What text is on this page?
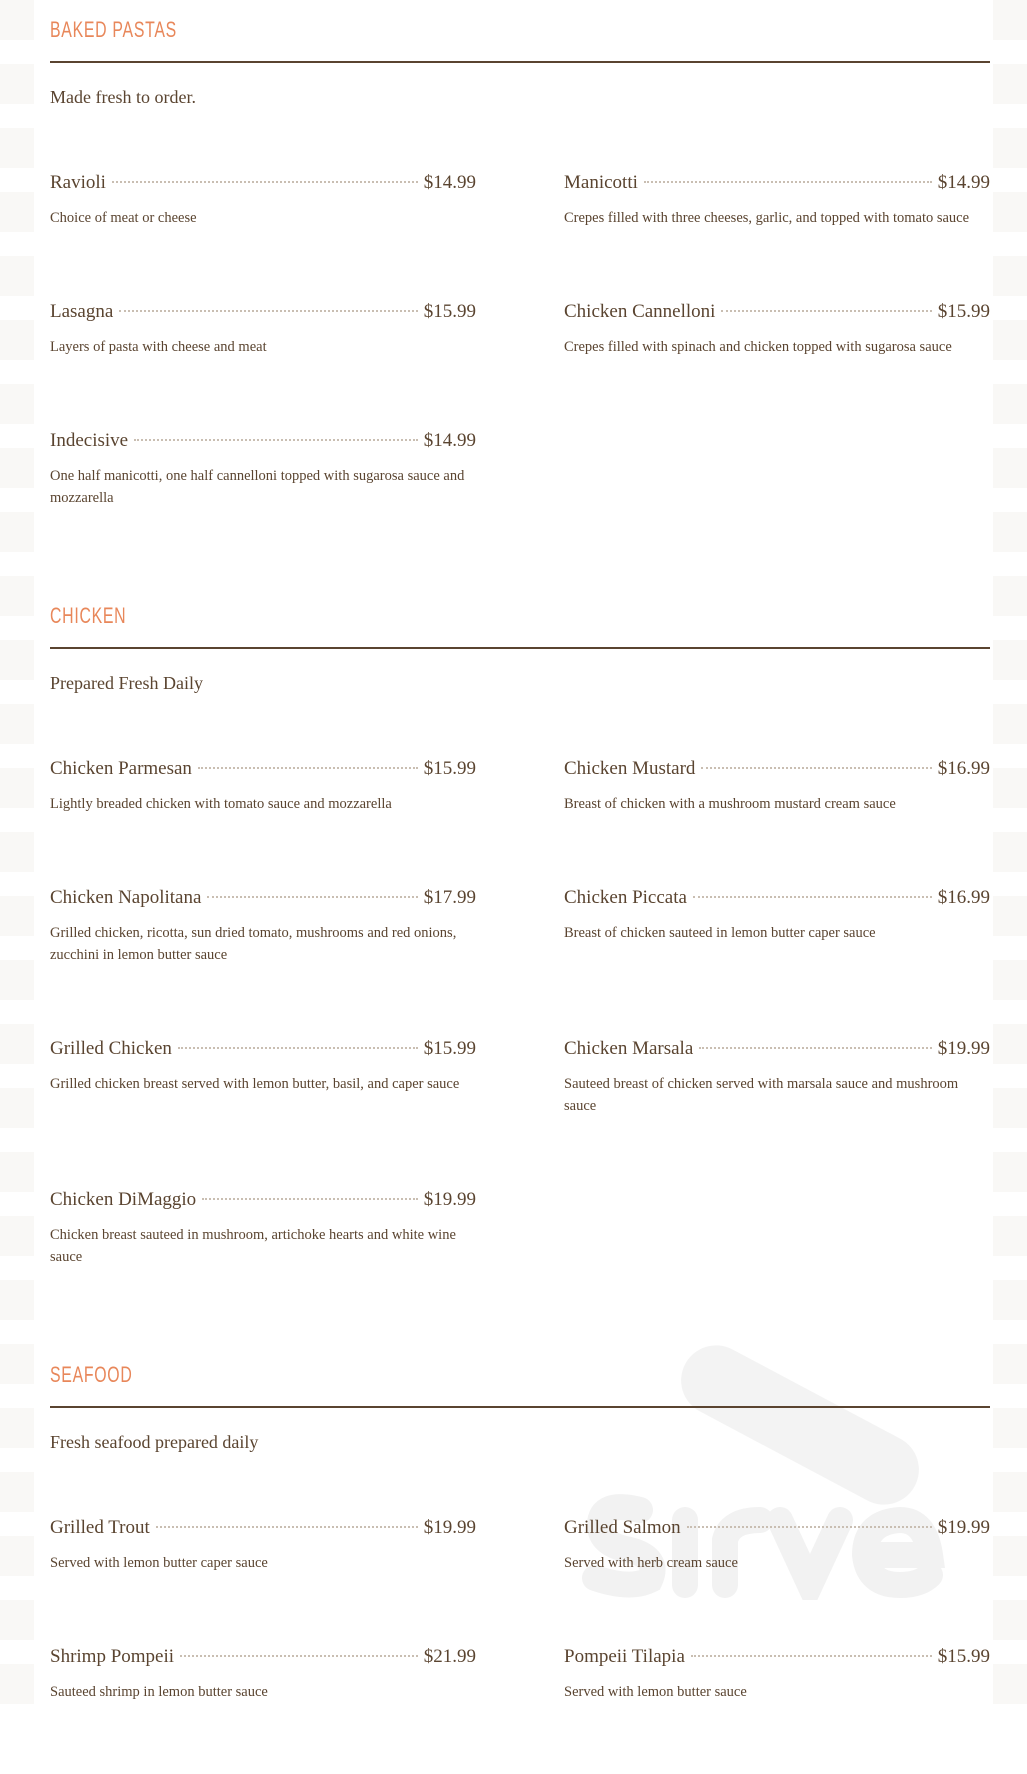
BAKED PASTAS
Made fresh to order.
Ravioli	$14.99
Choice of meat or cheese
Manicotti	$14.99
Crepes filled with three cheeses, garlic, and topped with tomato sauce
Lasagna	$15.99
Layers of pasta with cheese and meat
Chicken Cannelloni	$15.99
Crepes filled with spinach and chicken topped with sugarosa sauce
Indecisive	$14.99
One half manicotti, one half cannelloni topped with sugarosa sauce and mozzarella
CHICKEN
Prepared Fresh Daily
Chicken Parmesan	$15.99
Lightly breaded chicken with tomato sauce and mozzarella
Chicken Mustard	$16.99
Breast of chicken with a mushroom mustard cream sauce
Chicken Napolitana	$17.99
Grilled chicken, ricotta, sun dried tomato, mushrooms and red onions, zucchini in lemon butter sauce
Chicken Piccata	$16.99
Breast of chicken sauteed in lemon butter caper sauce
Grilled Chicken	$15.99
Grilled chicken breast served with lemon butter, basil, and caper sauce
Chicken Marsala	$19.99
Sauteed breast of chicken served with marsala sauce and mushroom sauce
Chicken DiMaggio	$19.99
Chicken breast sauteed in mushroom, artichoke hearts and white wine sauce
SEAFOOD
Fresh seafood prepared daily
Grilled Trout	$19.99
Served with lemon butter caper sauce
Grilled Salmon	$19.99
Served with herb cream sauce
Shrimp Pompeii	$21.99
Sauteed shrimp in lemon butter sauce
Pompeii Tilapia	$15.99
Served with lemon butter sauce
